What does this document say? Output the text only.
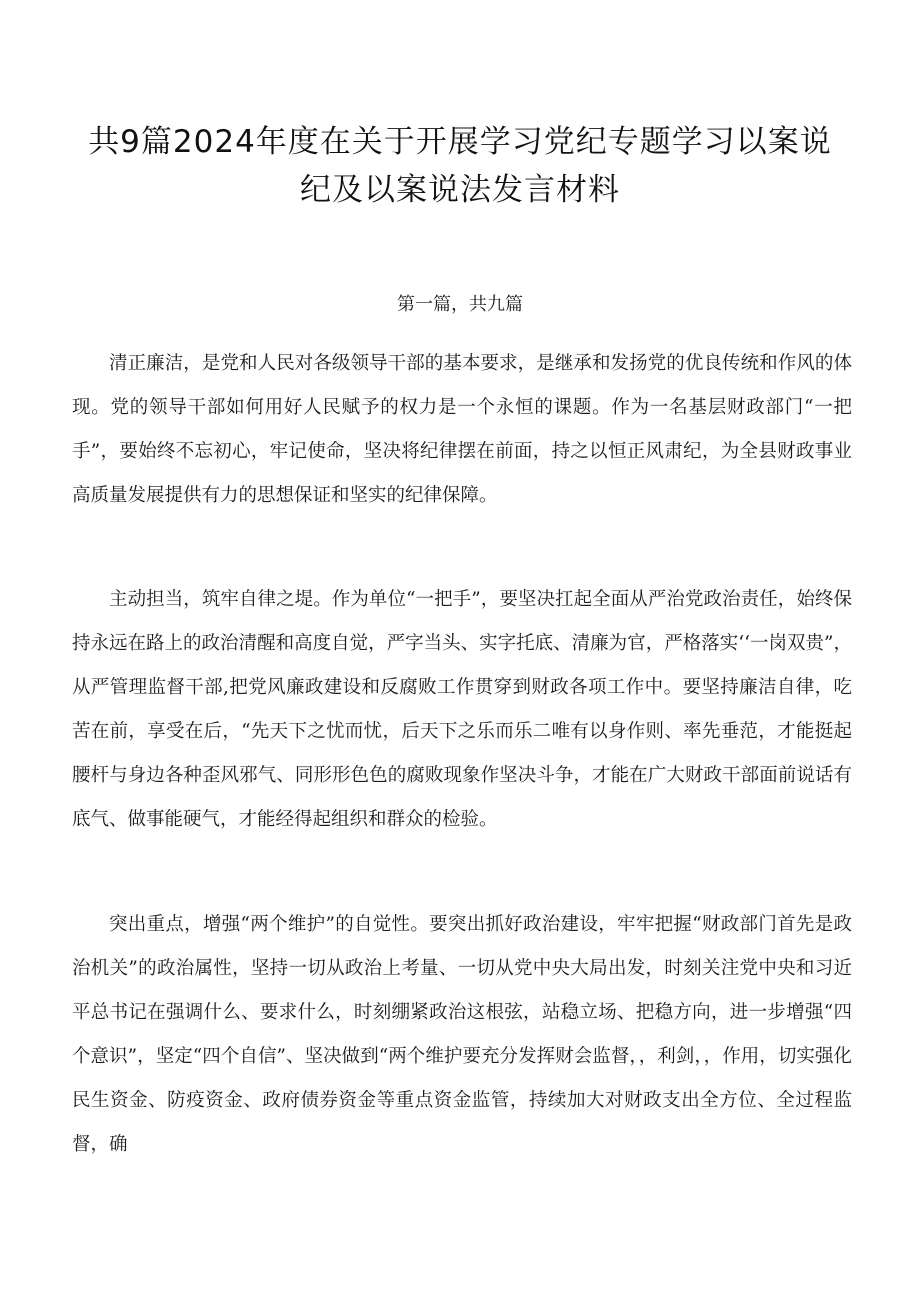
共9篇2024年度在关于开展学习党纪专题学习以案说纪及以案说法发言材料
第一篇，共九篇

清正廉洁，是党和人民对各级领导干部的基本要求，是继承和发扬党的优良传统和作风的体现。党的领导干部如何用好人民赋予的权力是一个永恒的课题。作为一名基层财政部门“一把手”，要始终不忘初心，牢记使命，坚决将纪律摆在前面，持之以恒正风肃纪，为全县财政事业高质量发展提供有力的思想保证和坚实的纪律保障。

主动担当，筑牢自律之堤。作为单位“一把手”，要坚决扛起全面从严治党政治责任，始终保持永远在路上的政治清醒和高度自觉，严字当头、实字托底、清廉为官，严格落实‘‘一岗双贵”，从严管理监督干部,把党风廉政建设和反腐败工作贯穿到财政各项工作中。要坚持廉洁自律，吃苦在前，享受在后，“先天下之忧而忧，后天下之乐而乐二唯有以身作则、率先垂范，才能挺起腰杆与身边各种歪风邪气、同形形色色的腐败现象作坚决斗争，才能在广大财政干部面前说话有底气、做事能硬气，才能经得起组织和群众的检验。

突出重点，增强“两个维护”的自觉性。要突出抓好政治建设，牢牢把握“财政部门首先是政治机关”的政治属性，坚持一切从政治上考量、一切从党中央大局出发，时刻关注党中央和习近平总书记在强调什么、要求什么，时刻绷紧政治这根弦，站稳立场、把稳方向，进一步增强“四个意识”，坚定“四个自信”、坚决做到“两个维护要充分发挥财会监督，，利剑，，作用，切实强化民生资金、防疫资金、政府债券资金等重点资金监管，持续加大对财政支出全方位、全过程监督，确
